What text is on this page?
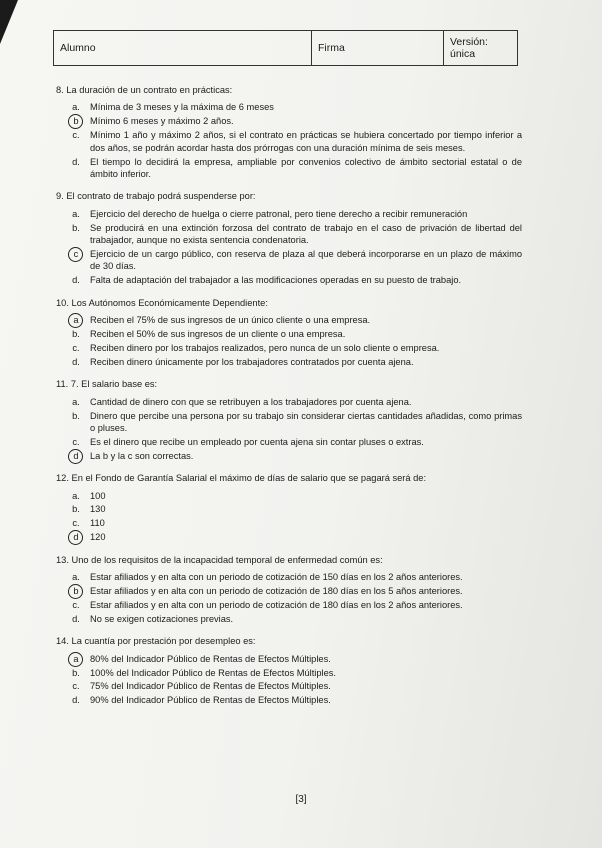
Alumno	Firma	Versión: única
8. La duración de un contrato en prácticas:
a.	Mínima de 3 meses y la máxima de 6 meses
b	Mínimo 6 meses y máximo 2 años.
c.	Mínimo 1 año y máximo 2 años, si el contrato en prácticas se hubiera concertado por tiempo inferior a dos años, se podrán acordar hasta dos prórrogas con una duración mínima de seis meses.
d.	El tiempo lo decidirá la empresa, ampliable por convenios colectivo de ámbito sectorial estatal o de ámbito inferior.
9. El contrato de trabajo podrá suspenderse por:
a.	Ejercicio del derecho de huelga o cierre patronal, pero tiene derecho a recibir remuneración
b.	Se producirá en una extinción forzosa del contrato de trabajo en el caso de privación de libertad del trabajador, aunque no exista sentencia condenatoria.
c	Ejercicio de un cargo público, con reserva de plaza al que deberá incorporarse en un plazo de máximo de 30 días.
d.	Falta de adaptación del trabajador a las modificaciones operadas en su puesto de trabajo.
10. Los Autónomos Económicamente Dependiente:
a	Reciben el 75% de sus ingresos de un único cliente o una empresa.
b.	Reciben el 50% de sus ingresos de un cliente o una empresa.
c.	Reciben dinero por los trabajos realizados, pero nunca de un solo cliente o empresa.
d.	Reciben dinero únicamente por los trabajadores contratados por cuenta ajena.
11. 7. El salario base es:
a.	Cantidad de dinero con que se retribuyen a los trabajadores por cuenta ajena.
b.	Dinero que percibe una persona por su trabajo sin considerar ciertas cantidades añadidas, como primas o pluses.
c.	Es el dinero que recibe un empleado por cuenta ajena sin contar pluses o extras.
d	La b y la c son correctas.
12. En el Fondo de Garantía Salarial el máximo de días de salario que se pagará será de:
a.	100
b.	130
c.	110
d	120
13. Uno de los requisitos de la incapacidad temporal de enfermedad común es:
a.	Estar afiliados y en alta con un periodo de cotización de 150 días en los 2 años anteriores.
b	Estar afiliados y en alta con un periodo de cotización de 180 días en los 5 años anteriores.
c.	Estar afiliados y en alta con un periodo de cotización de 180 días en los 2 años anteriores.
d.	No se exigen cotizaciones previas.
14. La cuantía por prestación por desempleo es:
a	80% del Indicador Público de Rentas de Efectos Múltiples.
b.	100% del Indicador Público de Rentas de Efectos Múltiples.
c.	75% del Indicador Público de Rentas de Efectos Múltiples.
d.	90% del Indicador Público de Rentas de Efectos Múltiples.
[3]
